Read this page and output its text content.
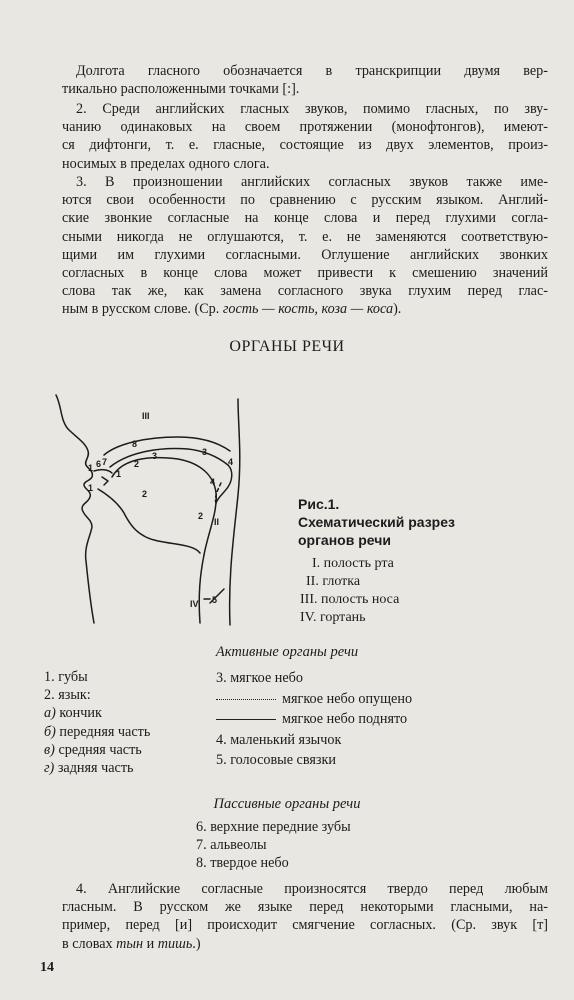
Долгота гласного обозначается в транскрипции двумя вер-
тикально расположенными точками [:].
2. Среди английских гласных звуков, помимо гласных, по зву-
чанию одинаковых на своем протяжении (монофтонгов), имеют-
ся дифтонги, т. е. гласные, состоящие из двух элементов, произ-
носимых в пределах одного слога.
3. В произношении английских согласных звуков также име-
ются свои особенности по сравнению с русским языком. Англий-
ские звонкие согласные на конце слова и перед глухими согла-
сными никогда не оглушаются, т. е. не заменяются соответствую-
щими им глухими согласными. Оглушение английских звонких
согласных в конце слова может привести к смешению значений
слова так же, как замена согласного звука глухим перед глас-
ным в русском слове. (Ср. гость — кость, коза — коса).
ОРГАНЫ РЕЧИ
III
8
7
6
1
1
1
2
3	3
4
4
2
2
II
IV 5
Рис.1.
Схематический разрез
органов речи
I. полость рта
II. глотка
III. полость носа
IV. гортань
Активные органы речи
1. губы
2. язык:
а) кончик
б) передняя часть
в) средняя часть
г) задняя часть
3. мягкое небо
мягкое небо опущено
мягкое небо поднято
4. маленький язычок
5. голосовые связки
Пассивные органы речи
6. верхние передние зубы
7. альвеолы
8. твердое небо
4. Английские согласные произносятся твердо перед любым
гласным. В русском же языке перед некоторыми гласными, на-
пример, перед [и] происходит смягчение согласных. (Ср. звук [т]
в словах тын и тишь.)
14
